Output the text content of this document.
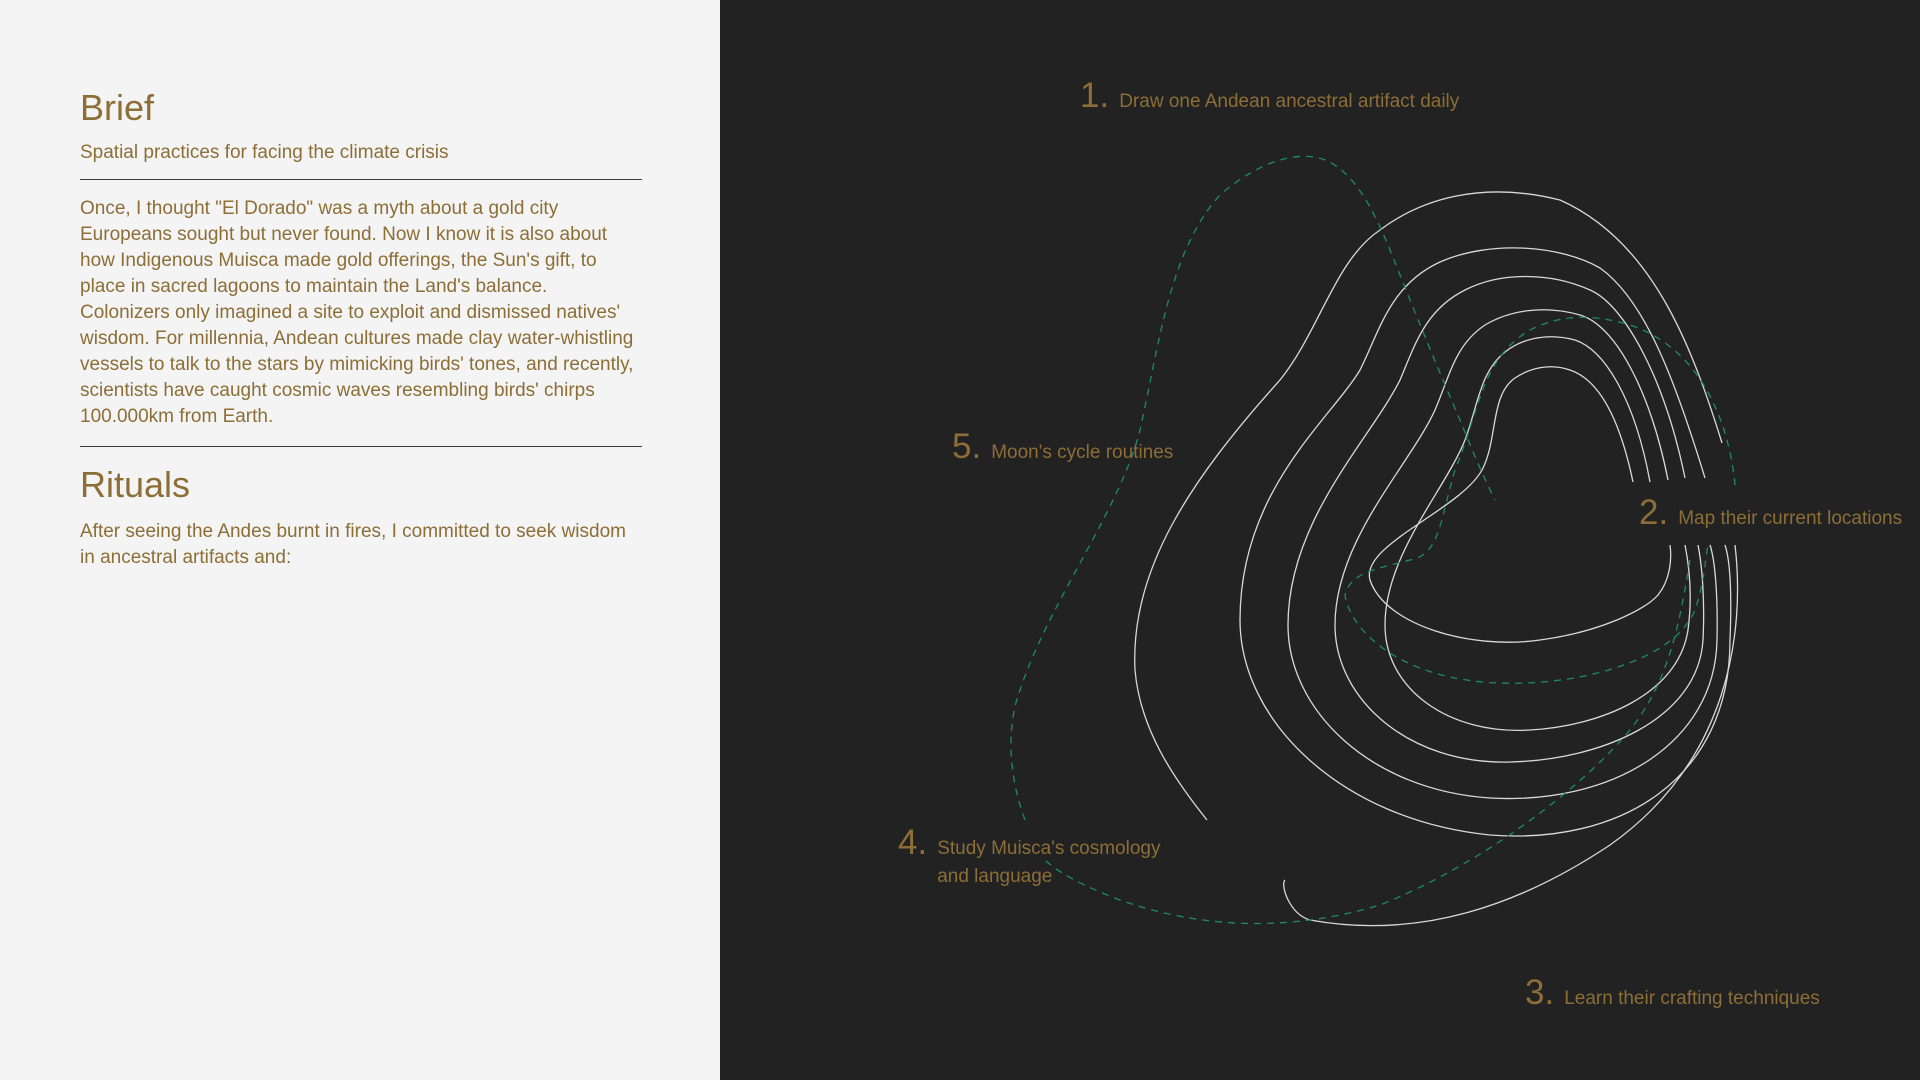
Brief

Spatial practices for facing the climate crisis

Once, I thought "El Dorado" was a myth about a gold city Europeans sought but never found. Now I know it is also about how Indigenous Muisca made gold offerings, the Sun's gift, to place in sacred lagoons to maintain the Land's balance. Colonizers only imagined a site to exploit and dismissed natives' wisdom. For millennia, Andean cultures made clay water-whistling vessels to talk to the stars by mimicking birds' tones, and recently, scientists have caught cosmic waves resembling birds' chirps 100.000km from Earth.

Rituals

After seeing the Andes burnt in fires, I committed to seek wisdom in ancestral artifacts and:

1. Draw one Andean ancestral artifact daily
2. Map their current locations
3. Learn their crafting techniques
4. Study Muisca's cosmology and language
5. Moon's cycle routines
